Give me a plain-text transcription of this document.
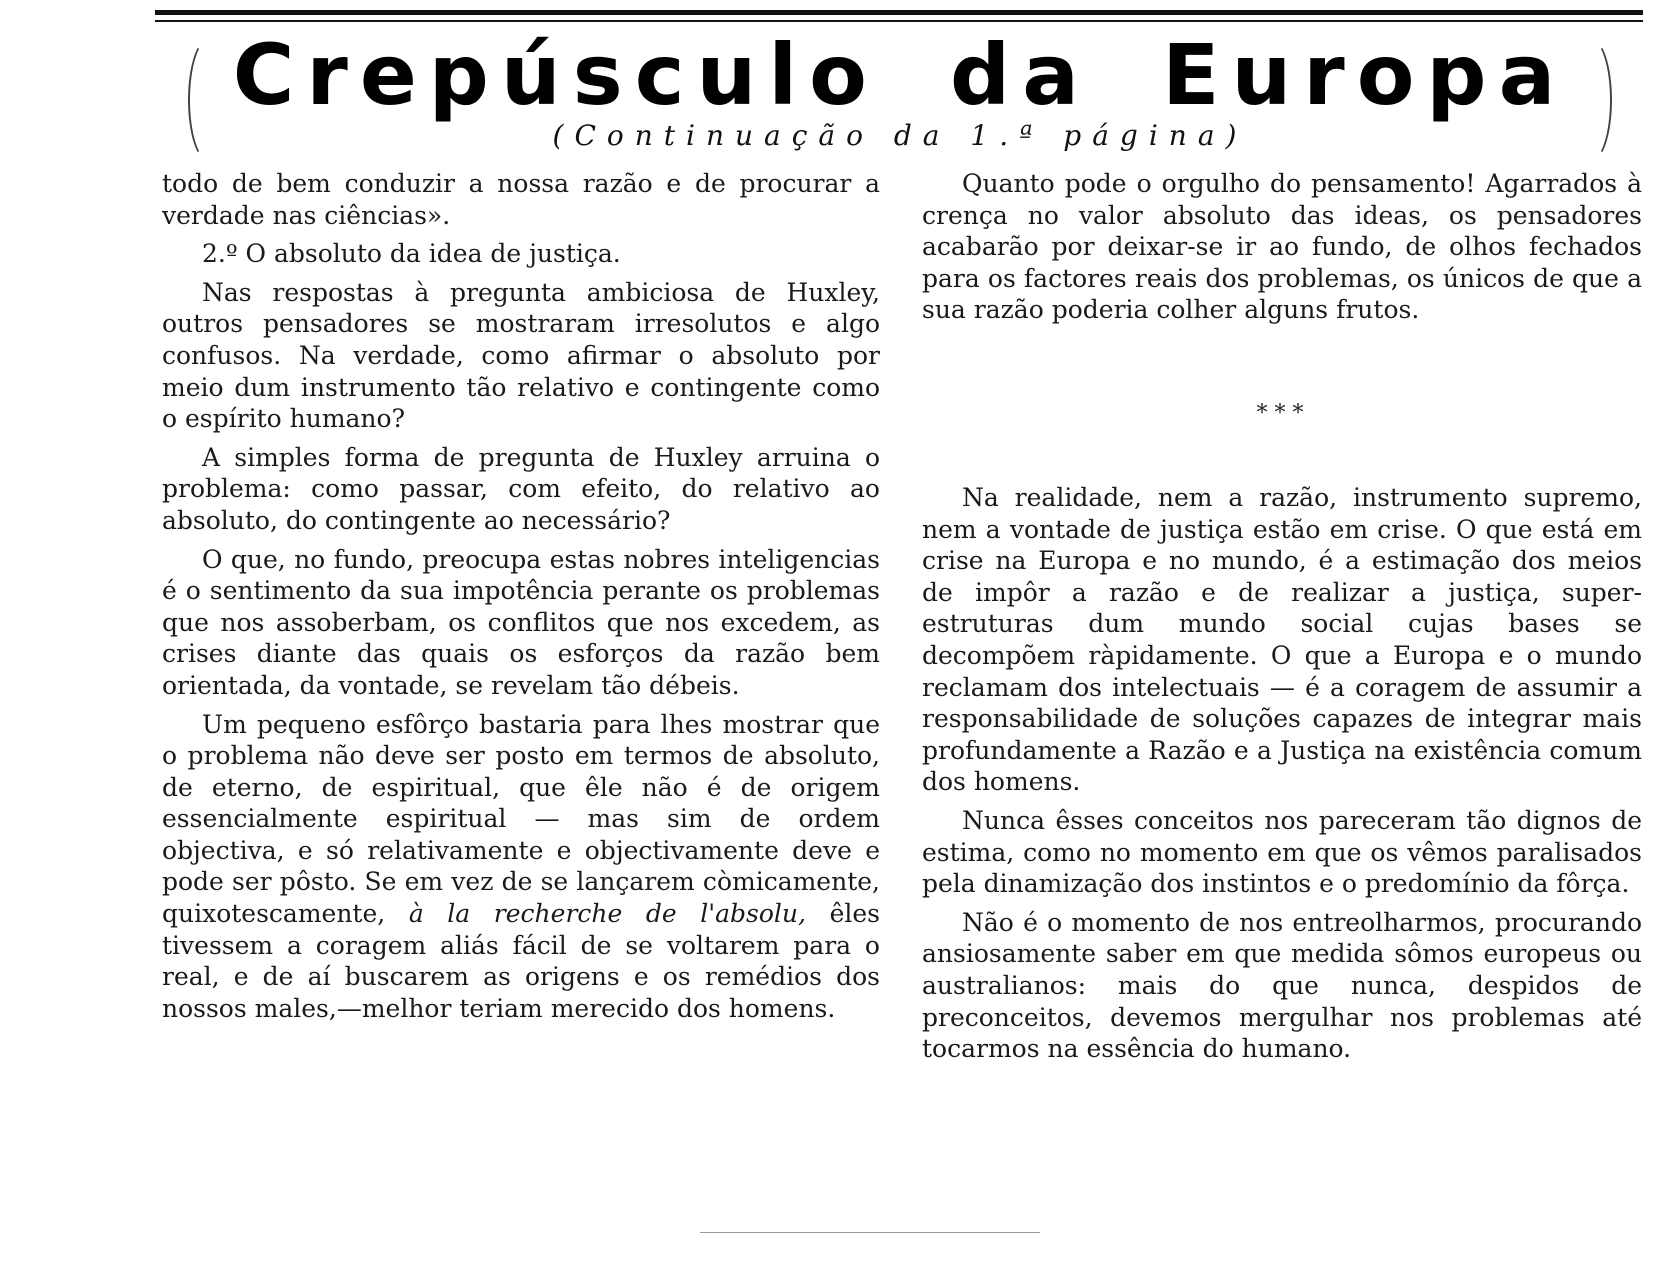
Crepúsculo da Europa
(Continuação da 1.ª página)

todo de bem conduzir a nossa razão e de procurar a verdade nas ciências».

2.º O absoluto da idea de justiça.

Nas respostas à pregunta ambiciosa de Huxley, outros pensadores se mostraram irresolutos e algo confusos. Na verdade, como afirmar o absoluto por meio dum instrumento tão relativo e contingente como o espírito humano?

A simples forma de pregunta de Huxley arruina o problema: como passar, com efeito, do relativo ao absoluto, do contingente ao necessário?

O que, no fundo, preocupa estas nobres inteligencias é o sentimento da sua impotência perante os problemas que nos assoberbam, os conflitos que nos excedem, as crises diante das quais os esforços da razão bem orientada, da vontade, se revelam tão débeis.

Um pequeno esfôrço bastaria para lhes mostrar que o problema não deve ser posto em termos de absoluto, de eterno, de espiritual, que êle não é de origem essencialmente espiritual — mas sim de ordem objectiva, e só relativamente e objectivamente deve e pode ser pôsto. Se em vez de se lançarem còmicamente, quixotescamente, à la recherche de l'absolu, êles tivessem a coragem aliás fácil de se voltarem para o real, e de aí buscarem as origens e os remédios dos nossos males,—melhor teriam merecido dos homens.

Quanto pode o orgulho do pensamento! Agarrados à crença no valor absoluto das ideas, os pensadores acabarão por deixar-se ir ao fundo, de olhos fechados para os factores reais dos problemas, os únicos de que a sua razão poderia colher alguns frutos.

* * *

Na realidade, nem a razão, instrumento supremo, nem a vontade de justiça estão em crise. O que está em crise na Europa e no mundo, é a estimação dos meios de impôr a razão e de realizar a justiça, super-estruturas dum mundo social cujas bases se decompõem ràpidamente. O que a Europa e o mundo reclamam dos intelectuais — é a coragem de assumir a responsabilidade de soluções capazes de integrar mais profundamente a Razão e a Justiça na existência comum dos homens.

Nunca êsses conceitos nos pareceram tão dignos de estima, como no momento em que os vêmos paralisados pela dinamização dos instintos e o predomínio da fôrça.

Não é o momento de nos entreolharmos, procurando ansiosamente saber em que medida sômos europeus ou australianos: mais do que nunca, despidos de preconceitos, devemos mergulhar nos problemas até tocarmos na essência do humano.
